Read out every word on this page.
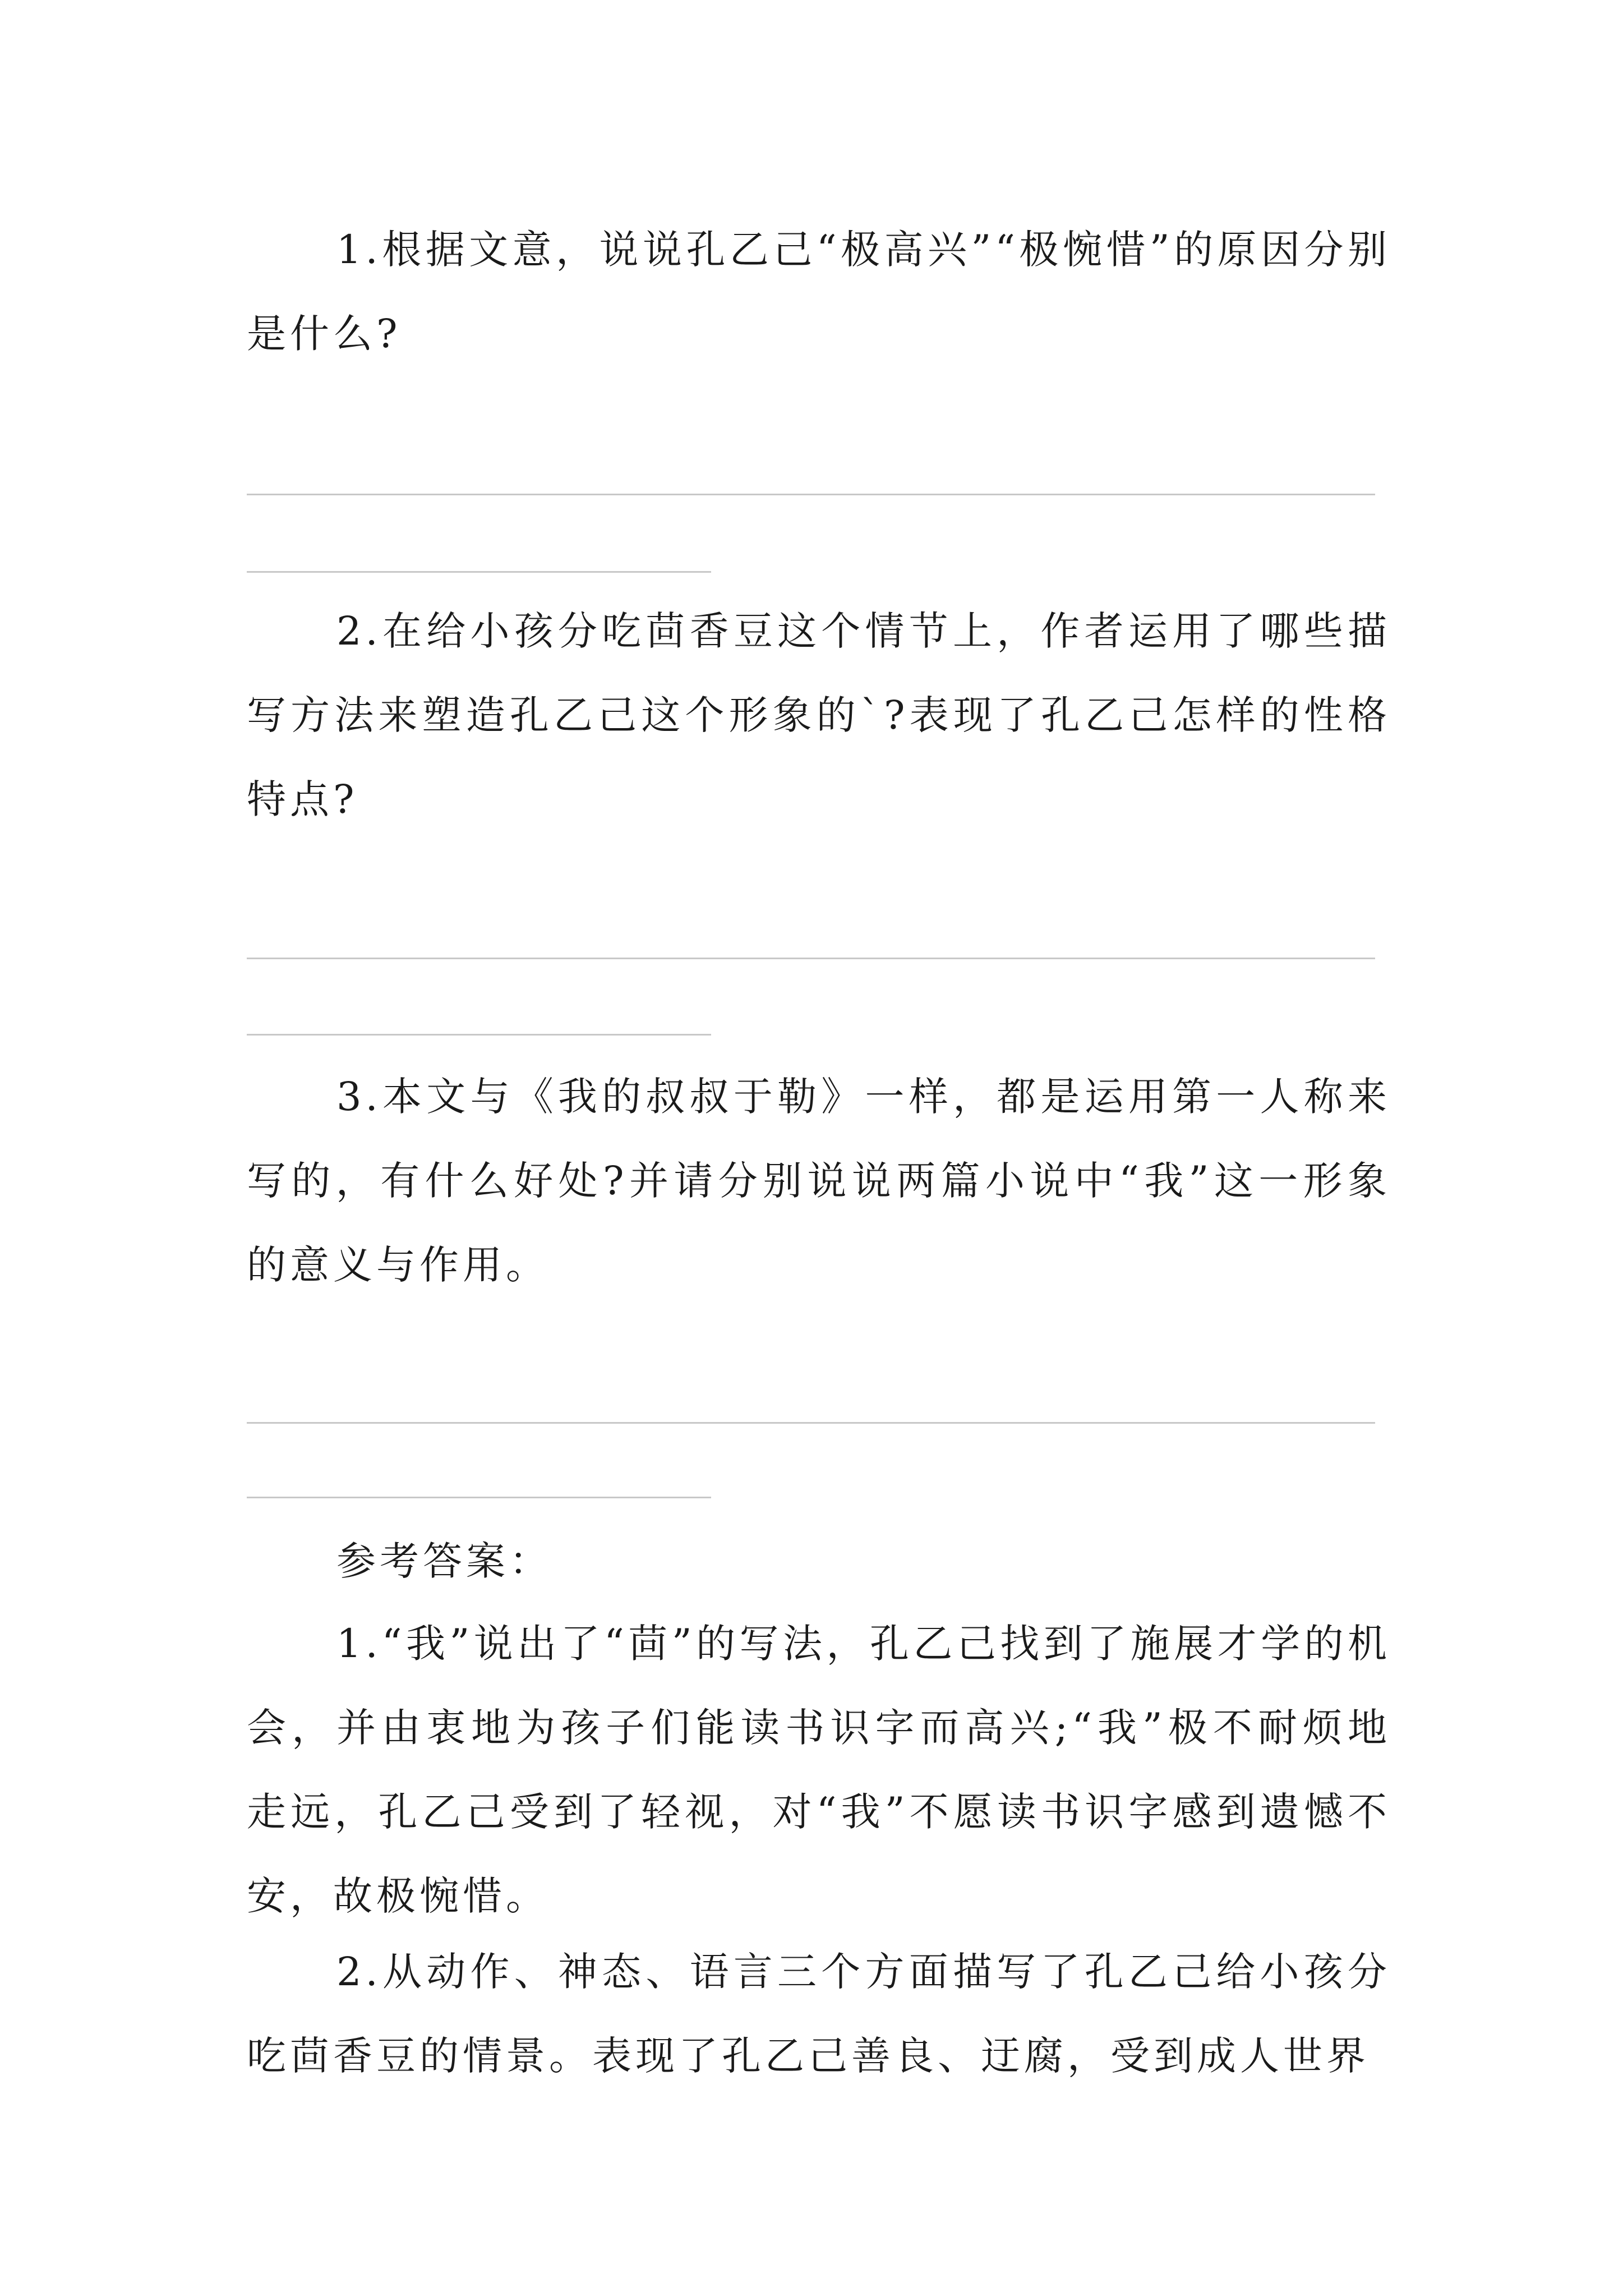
1.根据文意，说说孔乙己“极高兴”“极惋惜”的原因分别是什么?

2.在给小孩分吃茴香豆这个情节上，作者运用了哪些描写方法来塑造孔乙己这个形象的`?表现了孔乙己怎样的性格特点?

3.本文与《我的叔叔于勒》一样，都是运用第一人称来写的，有什么好处?并请分别说说两篇小说中“我”这一形象的意义与作用。

参考答案：

1.“我”说出了“茴”的写法，孔乙己找到了施展才学的机会，并由衷地为孩子们能读书识字而高兴;“我”极不耐烦地走远，孔乙己受到了轻视，对“我”不愿读书识字感到遗憾不安，故极惋惜。

2.从动作、神态、语言三个方面描写了孔乙己给小孩分吃茴香豆的情景。表现了孔乙己善良、迂腐，受到成人世界
